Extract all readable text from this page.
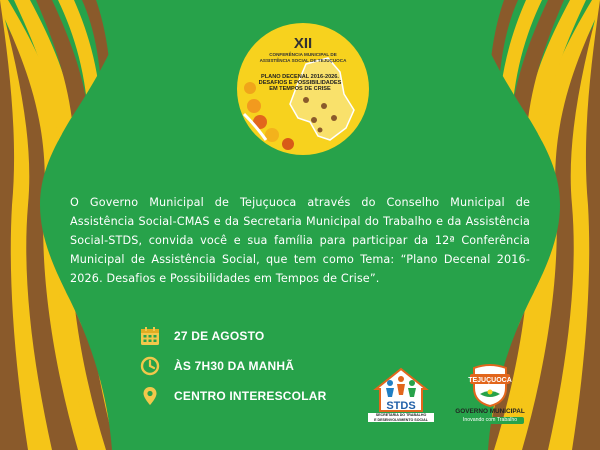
XII
CONFERÊNCIA MUNICIPAL DE
ASSISTÊNCIA SOCIAL DE TEJUÇUOCA
PLANO DECENAL 2016-2026.
DESAFIOS E POSSIBILIDADES
EM TEMPOS DE CRISE
O Governo Municipal de Tejuçuoca através do Conselho Municipal de Assistência Social-CMAS e da Secretaria Municipal do Trabalho e da Assistência Social-STDS, convida você e sua família para participar da 12ª Conferência Municipal de Assistência Social, que tem como Tema: “Plano Decenal 2016-2026. Desafios e Possibilidades em Tempos de Crise”.
27 DE AGOSTO
ÀS 7H30 DA MANHÃ
CENTRO INTERESCOLAR
STDS
SECRETARIA DO TRABALHO
E DESENVOLVIMENTO SOCIAL
TEJUÇUOCA
GOVERNO MUNICIPAL
Inovando com Trabalho
